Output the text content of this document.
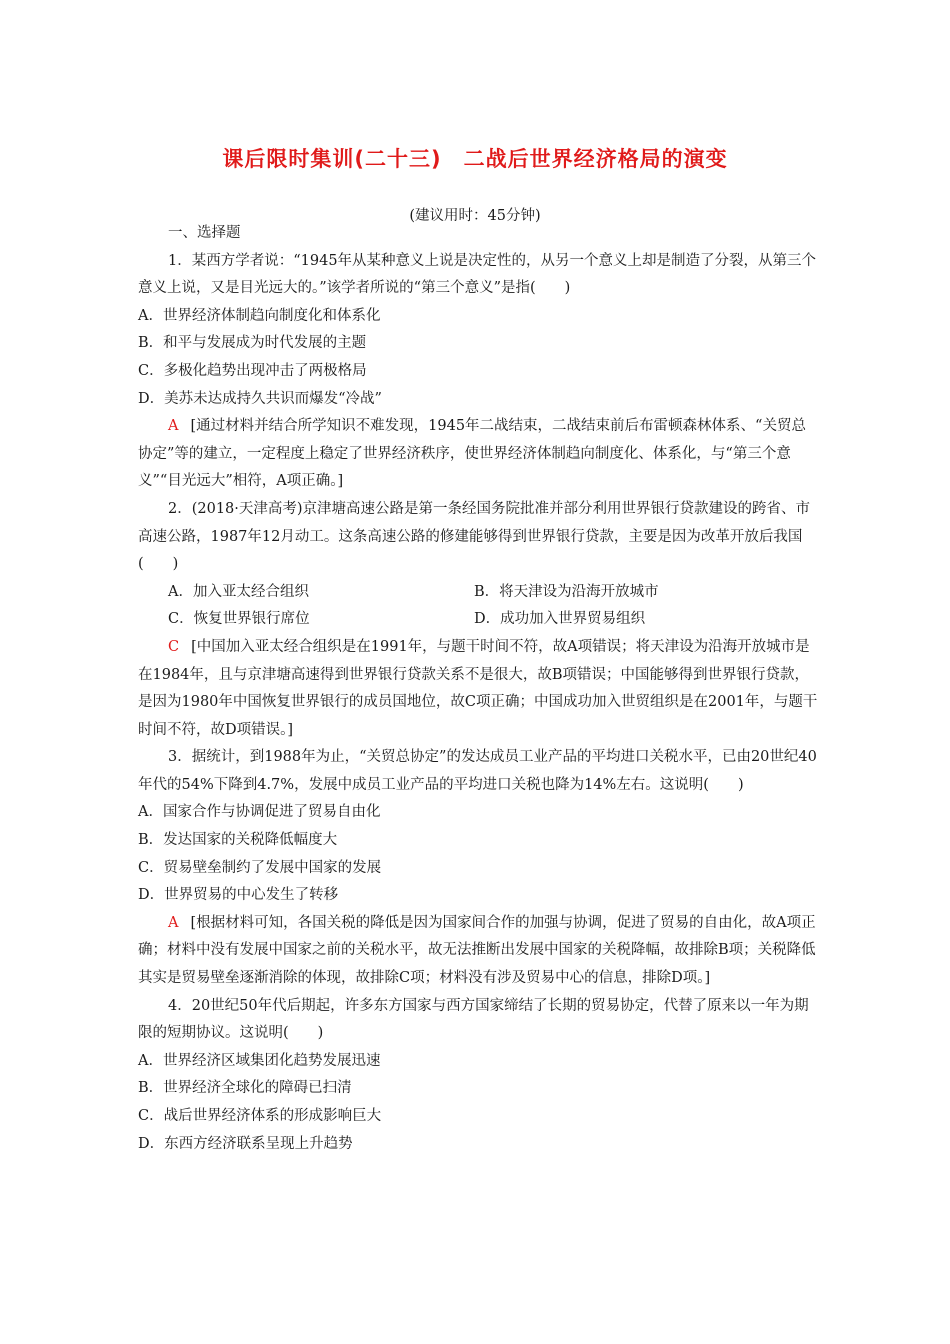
课后限时集训(二十三)　二战后世界经济格局的演变
(建议用时：45分钟)

一、选择题

1．某西方学者说：“1945年从某种意义上说是决定性的，从另一个意义上却是制造了分裂，从第三个意义上说，又是目光远大的。”该学者所说的“第三个意义”是指(　　)

A．世界经济体制趋向制度化和体系化

B．和平与发展成为时代发展的主题

C．多极化趋势出现冲击了两极格局

D．美苏未达成持久共识而爆发“冷战”

A [通过材料并结合所学知识不难发现，1945年二战结束，二战结束前后布雷顿森林体系、“关贸总协定”等的建立，一定程度上稳定了世界经济秩序，使世界经济体制趋向制度化、体系化，与“第三个意义”“目光远大”相符，A项正确。]

2．(2018·天津高考)京津塘高速公路是第一条经国务院批准并部分利用世界银行贷款建设的跨省、市高速公路，1987年12月动工。这条高速公路的修建能够得到世界银行贷款，主要是因为改革开放后我国(　　)

A．加入亚太经合组织	B．将天津设为沿海开放城市
C．恢复世界银行席位	D．成功加入世界贸易组织

C [中国加入亚太经合组织是在1991年，与题干时间不符，故A项错误；将天津设为沿海开放城市是在1984年，且与京津塘高速得到世界银行贷款关系不是很大，故B项错误；中国能够得到世界银行贷款，是因为1980年中国恢复世界银行的成员国地位，故C项正确；中国成功加入世贸组织是在2001年，与题干时间不符，故D项错误。]

3．据统计，到1988年为止，“关贸总协定”的发达成员工业产品的平均进口关税水平，已由20世纪40年代的54%下降到4.7%，发展中成员工业产品的平均进口关税也降为14%左右。这说明(　　)

A．国家合作与协调促进了贸易自由化

B．发达国家的关税降低幅度大

C．贸易壁垒制约了发展中国家的发展

D．世界贸易的中心发生了转移

A [根据材料可知，各国关税的降低是因为国家间合作的加强与协调，促进了贸易的自由化，故A项正确；材料中没有发展中国家之前的关税水平，故无法推断出发展中国家的关税降幅，故排除B项；关税降低其实是贸易壁垒逐渐消除的体现，故排除C项；材料没有涉及贸易中心的信息，排除D项。]

4．20世纪50年代后期起，许多东方国家与西方国家缔结了长期的贸易协定，代替了原来以一年为期限的短期协议。这说明(　　)

A．世界经济区域集团化趋势发展迅速

B．世界经济全球化的障碍已扫清

C．战后世界经济体系的形成影响巨大

D．东西方经济联系呈现上升趋势
